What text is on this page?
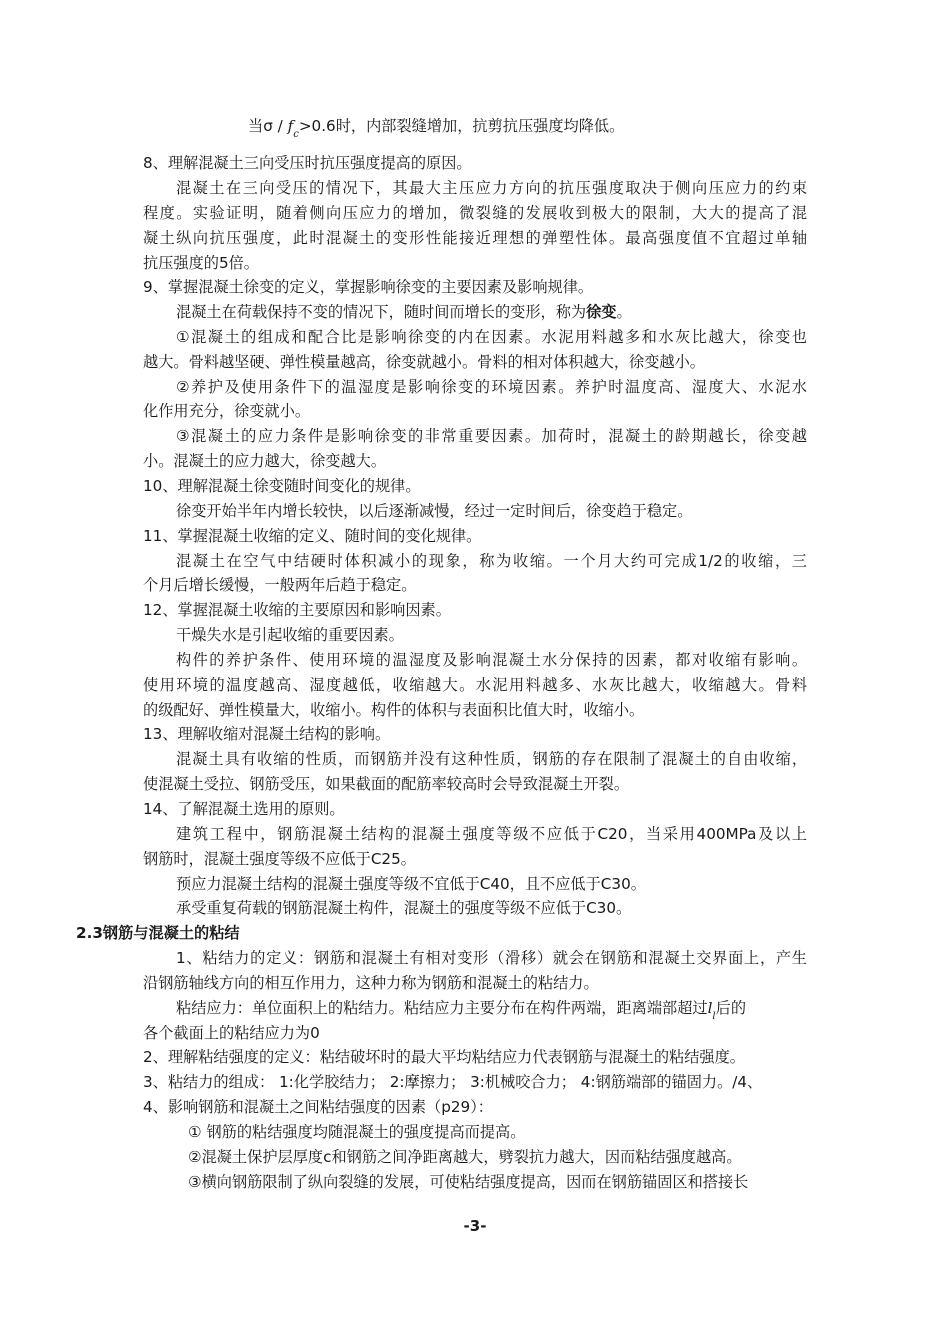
当$\sigma / f_c>0.6$时，内部裂缝增加，抗剪抗压强度均降低。
8、理解混凝土三向受压时抗压强度提高的原因。
混凝土在三向受压的情况下，其最大主压应力方向的抗压强度取决于侧向压应力的约束
程度。实验证明，随着侧向压应力的增加，微裂缝的发展收到极大的限制，大大的提高了混
凝土纵向抗压强度，此时混凝土的变形性能接近理想的弹塑性体。最高强度值不宜超过单轴
抗压强度的5倍。
9、掌握混凝土徐变的定义，掌握影响徐变的主要因素及影响规律。
混凝土在荷载保持不变的情况下，随时间而增长的变形，称为徐变。
①混凝土的组成和配合比是影响徐变的内在因素。水泥用料越多和水灰比越大，徐变也
越大。骨料越坚硬、弹性模量越高，徐变就越小。骨料的相对体积越大，徐变越小。
②养护及使用条件下的温湿度是影响徐变的环境因素。养护时温度高、湿度大、水泥水
化作用充分，徐变就小。
③混凝土的应力条件是影响徐变的非常重要因素。加荷时，混凝土的龄期越长，徐变越
小。混凝土的应力越大，徐变越大。
10、理解混凝土徐变随时间变化的规律。
徐变开始半年内增长较快，以后逐渐减慢，经过一定时间后，徐变趋于稳定。
11、掌握混凝土收缩的定义、随时间的变化规律。
混凝土在空气中结硬时体积减小的现象，称为收缩。一个月大约可完成1/2的收缩，三
个月后增长缓慢，一般两年后趋于稳定。
12、掌握混凝土收缩的主要原因和影响因素。
干燥失水是引起收缩的重要因素。
构件的养护条件、使用环境的温湿度及影响混凝土水分保持的因素，都对收缩有影响。
使用环境的温度越高、湿度越低，收缩越大。水泥用料越多、水灰比越大，收缩越大。骨料
的级配好、弹性模量大，收缩小。构件的体积与表面积比值大时，收缩小。
13、理解收缩对混凝土结构的影响。
混凝土具有收缩的性质，而钢筋并没有这种性质，钢筋的存在限制了混凝土的自由收缩，
使混凝土受拉、钢筋受压，如果截面的配筋率较高时会导致混凝土开裂。
14、了解混凝土选用的原则。
建筑工程中，钢筋混凝土结构的混凝土强度等级不应低于C20，当采用400MPa及以上
钢筋时，混凝土强度等级不应低于C25。
预应力混凝土结构的混凝土强度等级不宜低于C40，且不应低于C30。
承受重复荷载的钢筋混凝土构件，混凝土的强度等级不应低于C30。
2.3钢筋与混凝土的粘结
1、粘结力的定义：钢筋和混凝土有相对变形（滑移）就会在钢筋和混凝土交界面上，产生
沿钢筋轴线方向的相互作用力，这种力称为钢筋和混凝土的粘结力。
粘结应力：单位面积上的粘结力。粘结应力主要分布在构件两端，距离端部超过$l_l$后的
各个截面上的粘结应力为0
2、理解粘结强度的定义：粘结破坏时的最大平均粘结应力代表钢筋与混凝土的粘结强度。
3、粘结力的组成： 1:化学胶结力； 2:摩擦力； 3:机械咬合力； 4:钢筋端部的锚固力。/4、
4、影响钢筋和混凝土之间粘结强度的因素（p29）：
① 钢筋的粘结强度均随混凝土的强度提高而提高。
②混凝土保护层厚度c和钢筋之间净距离越大，劈裂抗力越大，因而粘结强度越高。
③横向钢筋限制了纵向裂缝的发展，可使粘结强度提高，因而在钢筋锚固区和搭接长
-3-
